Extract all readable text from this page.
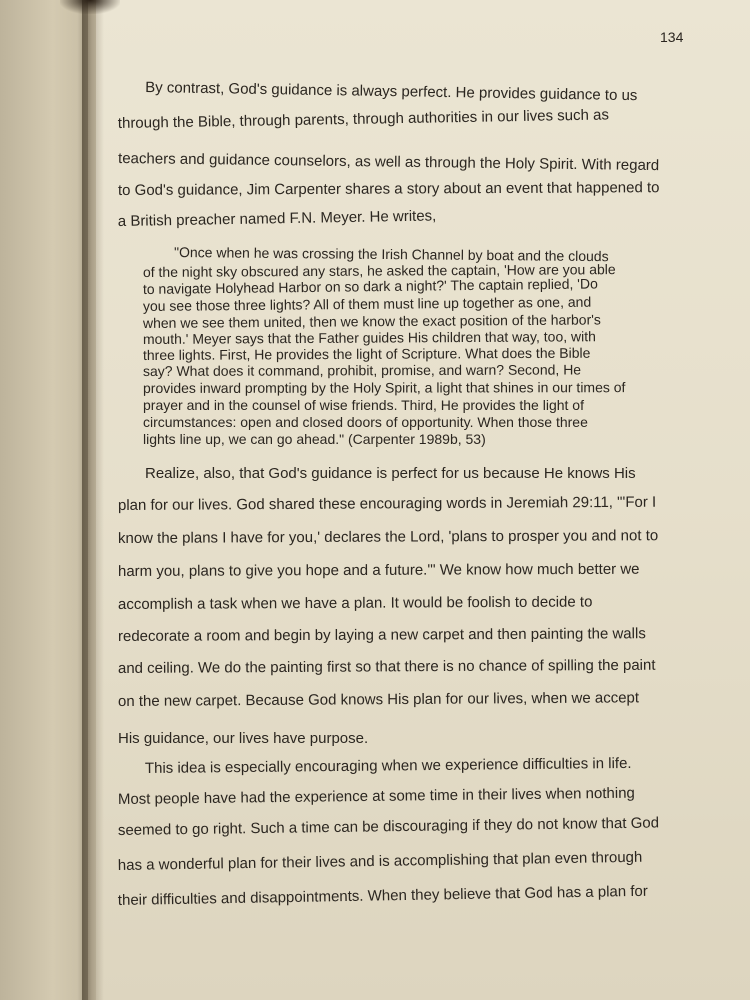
134
By contrast, God's guidance is always perfect. He provides guidance to us
through the Bible, through parents, through authorities in our lives such as
teachers and guidance counselors, as well as through the Holy Spirit. With regard
to God's guidance, Jim Carpenter shares a story about an event that happened to
a British preacher named F.N. Meyer. He writes,
"Once when he was crossing the Irish Channel by boat and the clouds
of the night sky obscured any stars, he asked the captain, 'How are you able
to navigate Holyhead Harbor on so dark a night?' The captain replied, 'Do
you see those three lights? All of them must line up together as one, and
when we see them united, then we know the exact position of the harbor's
mouth.' Meyer says that the Father guides His children that way, too, with
three lights. First, He provides the light of Scripture. What does the Bible
say? What does it command, prohibit, promise, and warn? Second, He
provides inward prompting by the Holy Spirit, a light that shines in our times of
prayer and in the counsel of wise friends. Third, He provides the light of
circumstances: open and closed doors of opportunity. When those three
lights line up, we can go ahead." (Carpenter 1989b, 53)
Realize, also, that God's guidance is perfect for us because He knows His
plan for our lives. God shared these encouraging words in Jeremiah 29:11, "'For I
know the plans I have for you,' declares the Lord, 'plans to prosper you and not to
harm you, plans to give you hope and a future.'" We know how much better we
accomplish a task when we have a plan. It would be foolish to decide to
redecorate a room and begin by laying a new carpet and then painting the walls
and ceiling. We do the painting first so that there is no chance of spilling the paint
on the new carpet. Because God knows His plan for our lives, when we accept
His guidance, our lives have purpose.
This idea is especially encouraging when we experience difficulties in life.
Most people have had the experience at some time in their lives when nothing
seemed to go right. Such a time can be discouraging if they do not know that God
has a wonderful plan for their lives and is accomplishing that plan even through
their difficulties and disappointments. When they believe that God has a plan for
